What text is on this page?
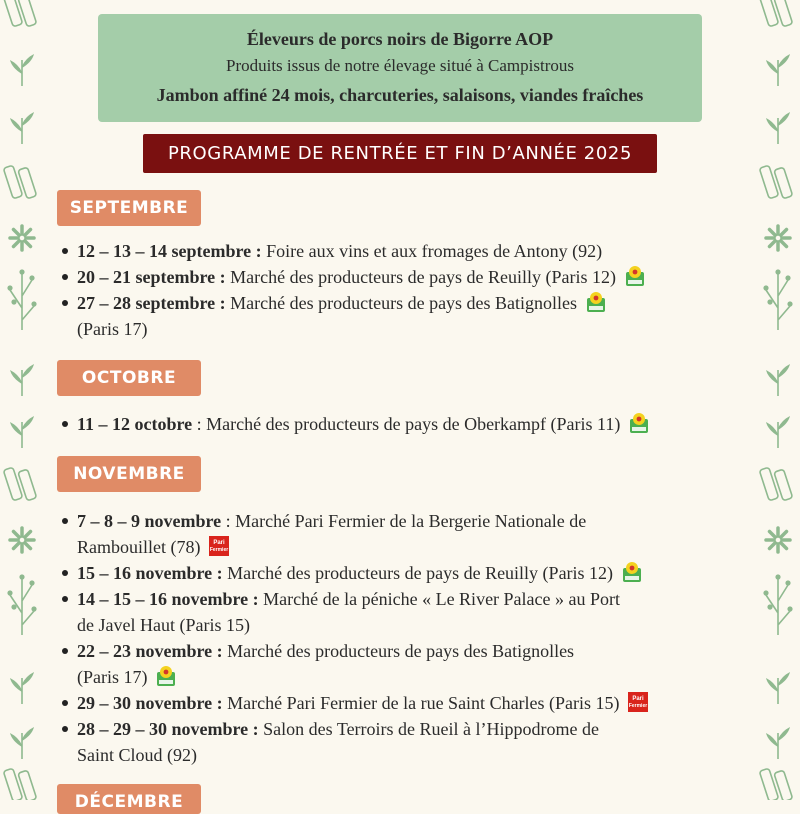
Éleveurs de porcs noirs de Bigorre AOP
Produits issus de notre élevage situé à Campistrous
Jambon affiné 24 mois, charcuteries, salaisons, viandes fraîches
PROGRAMME DE RENTRÉE ET FIN D’ANNÉE 2025
SEPTEMBRE
12 – 13 – 14 septembre : Foire aux vins et aux fromages de Antony (92)
20 – 21 septembre : Marché des producteurs de pays de Reuilly (Paris 12)
27 – 28 septembre : Marché des producteurs de pays des Batignolles

(Paris 17)
OCTOBRE
11 – 12 octobre : Marché des producteurs de pays de Oberkampf (Paris 11)
NOVEMBRE
7 – 8 – 9 novembre : Marché Pari Fermier de la Bergerie Nationale de
Rambouillet (78) Pari
Fermier
15 – 16 novembre : Marché des producteurs de pays de Reuilly (Paris 12)
14 – 15 – 16 novembre : Marché de la péniche « Le River Palace » au Port
de Javel Haut (Paris 15)
22 – 23 novembre : Marché des producteurs de pays des Batignolles
(Paris 17)
29 – 30 novembre : Marché Pari Fermier de la rue Saint Charles (Paris 15) Pari
Fermier
28 – 29 – 30 novembre : Salon des Terroirs de Rueil à l’Hippodrome de
Saint Cloud (92)
DÉCEMBRE
